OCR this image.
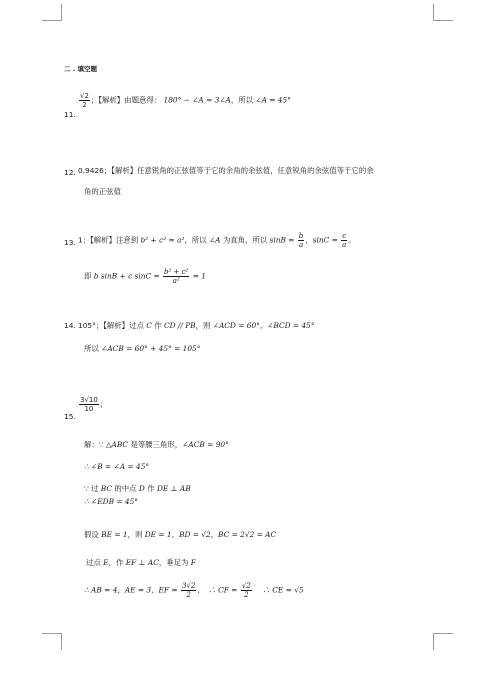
二 . 填空题
11.
$\frac{√2}{2}$ ；【解析】由题意得： 180° − ∠A = 3∠A，所以 ∠A = 45°
12. 0.9426；【解析】任意锐角的正弦值等于它的余角的余弦值，任意锐角的余弦值等于它的余
角的正弦值
13. 1；【解析】注意到 b² + c² = a²，所以 ∠A 为直角，所以 $\sin B = \frac{b}{a}$ ，$\sin C = \frac{c}{a}$ 。
即 b sinB + c $\sin C = \frac{\text{b² + c²}}{\text{a²}} = 1$
14. 105°；【解析】过点 C 作 CD // PB，则 ∠ACD = 60°，∠BCD = 45°
所以 ∠ACB = 60° + 45° = 105°
15.
$\frac{3√10}{10}$ ；
解：∵ △ABC 是等腰三角形，∠ACB = 90°
∴ ∠B = ∠A = 45°
∵ 过 BC 的中点 D 作 DE ⊥ AB
∴ ∠EDB = 45°
假设 BE = 1，则 DE = 1，BD = √2，BC = 2√2 = AC
过点 E，作 EF ⊥ AC，垂足为 F
∴ AB = 4，AE = 3，EF = $\frac{3√2}{2}$ ，　∴ CF = $\frac{√2}{2}$ 　∴ CE = √5
